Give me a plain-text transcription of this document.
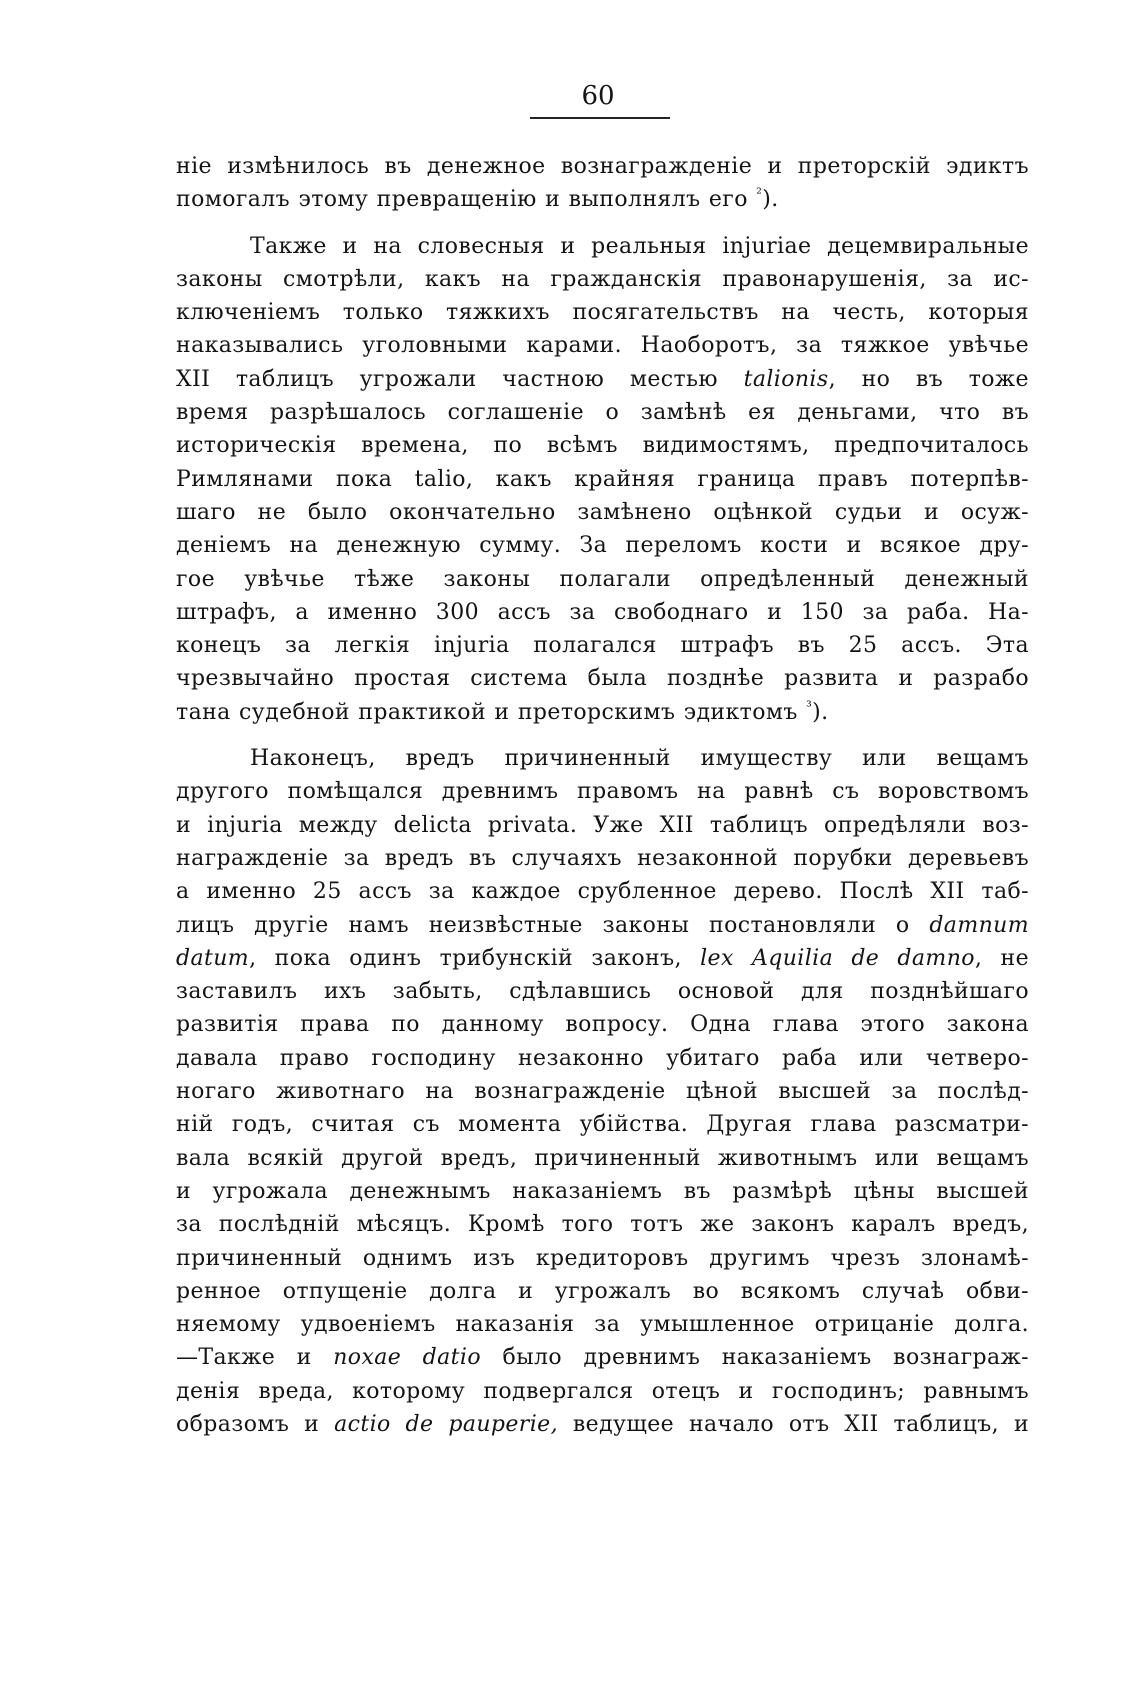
60
ніе измѣнилось въ денежное вознагражденіе и преторскій эдиктъ
помогалъ этому превращенію и выполнялъ его $^{^2}$).
Также и на словесныя и реальныя injuriae децемвиральные
законы смотрѣли, какъ на гражданскія правонарушенія, за ис-
ключеніемъ только тяжкихъ посягательствъ на честь, которыя
наказывались уголовными карами. Наоборотъ, за тяжкое увѣчье
XII таблицъ угрожали частною местью talionis, но въ тоже
время разрѣшалось соглашеніе о замѣнѣ ея деньгами, что въ
историческія времена, по всѣмъ видимостямъ, предпочиталось
Римлянами пока talio, какъ крайняя граница правъ потерпѣв-
шаго не было окончательно замѣнено оцѣнкой судьи и осуж-
деніемъ на денежную сумму. За переломъ кости и всякое дру-
гое увѣчье тѣже законы полагали опредѣленный денежный
штрафъ, а именно 300 ассъ за свободнаго и 150 за раба. На-
конецъ за легкія injuria полагался штрафъ въ 25 ассъ. Эта
чрезвычайно простая система была позднѣе развита и разрабо
тана судебной практикой и преторскимъ эдиктомъ $^{^3}$).
Наконецъ, вредъ причиненный имуществу или вещамъ
другого помѣщался древнимъ правомъ на равнѣ съ воровствомъ
и injuria между delicta privata. Уже XII таблицъ опредѣляли воз-
награжденіе за вредъ въ случаяхъ незаконной порубки деревьевъ
а именно 25 ассъ за каждое срубленное дерево. Послѣ XII таб-
лицъ другіе намъ неизвѣстные законы постановляли о damnum
datum, пока одинъ трибунскій законъ, lex Aquilia de damno, не
заставилъ ихъ забыть, сдѣлавшись основой для позднѣйшаго
развитія права по данному вопросу. Одна глава этого закона
давала право господину незаконно убитаго раба или четверо-
ногаго животнаго на вознагражденіе цѣной высшей за послѣд-
ній годъ, считая съ момента убійства. Другая глава разсматри-
вала всякій другой вредъ, причиненный животнымъ или вещамъ
и угрожала денежнымъ наказаніемъ въ размѣрѣ цѣны высшей
за послѣдній мѣсяцъ. Кромѣ того тотъ же законъ каралъ вредъ,
причиненный однимъ изъ кредиторовъ другимъ чрезъ злонамѣ-
ренное отпущеніе долга и угрожалъ во всякомъ случаѣ обви-
няемому удвоеніемъ наказанія за умышленное отрицаніе долга.
—Также и noxae datio было древнимъ наказаніемъ вознаграж-
денія вреда, которому подвергался отецъ и господинъ; равнымъ
образомъ и actio de pauperie, ведущее начало отъ XII таблицъ, и
